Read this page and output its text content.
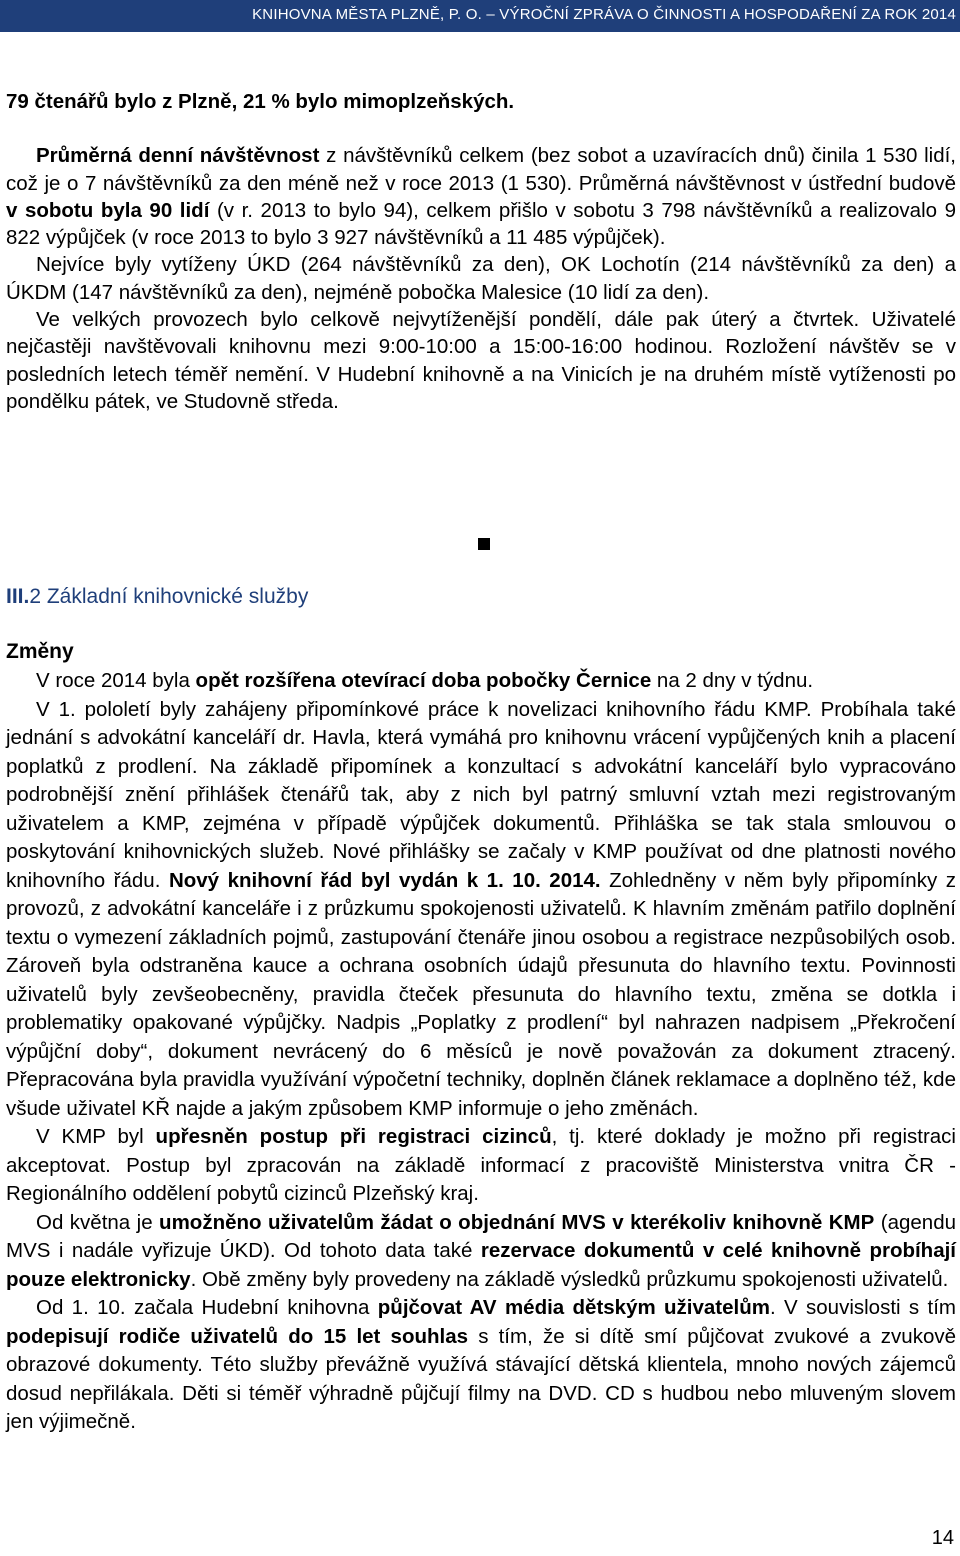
KNIHOVNA MĚSTA PLZNĚ, P. O. – VÝROČNÍ ZPRÁVA O ČINNOSTI A HOSPODAŘENÍ ZA ROK 2014

79 čtenářů bylo z Plzně, 21 % bylo mimoplzeňských.

Průměrná denní návštěvnost z návštěvníků celkem (bez sobot a uzavíracích dnů) činila 1 530 lidí, což je o 7 návštěvníků za den méně než v roce 2013 (1 530). Průměrná návštěvnost v ústřední budově v sobotu byla 90 lidí (v r. 2013 to bylo 94), celkem přišlo v sobotu 3 798 návštěvníků a realizovalo 9 822 výpůjček (v roce 2013 to bylo 3 927 návštěvníků a 11 485 výpůjček).

Nejvíce byly vytíženy ÚKD (264 návštěvníků za den), OK Lochotín (214 návštěvníků za den) a ÚKDM (147 návštěvníků za den), nejméně pobočka Malesice (10 lidí za den).

Ve velkých provozech bylo celkově nejvytíženější pondělí, dále pak úterý a čtvrtek. Uživatelé nejčastěji navštěvovali knihovnu mezi 9:00-10:00 a 15:00-16:00 hodinou. Rozložení návštěv se v posledních letech téměř nemění. V Hudební knihovně a na Vinicích je na druhém místě vytíženosti po pondělku pátek, ve Studovně středa.

III.2 Základní knihovnické služby
Změny

V roce 2014 byla opět rozšířena otevírací doba pobočky Černice na 2 dny v týdnu.

V 1. pololetí byly zahájeny připomínkové práce k novelizaci knihovního řádu KMP. Probíhala také jednání s advokátní kanceláří dr. Havla, která vymáhá pro knihovnu vrácení vypůjčených knih a placení poplatků z prodlení. Na základě připomínek a konzultací s advokátní kanceláří bylo vypracováno podrobnější znění přihlášek čtenářů tak, aby z nich byl patrný smluvní vztah mezi registrovaným uživatelem a KMP, zejména v případě výpůjček dokumentů. Přihláška se tak stala smlouvou o poskytování knihovnických služeb. Nové přihlášky se začaly v KMP používat od dne platnosti nového knihovního řádu. Nový knihovní řád byl vydán k 1. 10. 2014. Zohledněny v něm byly připomínky z provozů, z advokátní kanceláře i z průzkumu spokojenosti uživatelů. K hlavním změnám patřilo doplnění textu o vymezení základních pojmů, zastupování čtenáře jinou osobou a registrace nezpůsobilých osob. Zároveň byla odstraněna kauce a ochrana osobních údajů přesunuta do hlavního textu. Povinnosti uživatelů byly zevšeobecněny, pravidla čteček přesunuta do hlavního textu, změna se dotkla i problematiky opakované výpůjčky. Nadpis „Poplatky z prodlení“ byl nahrazen nadpisem „Překročení výpůjční doby“, dokument nevrácený do 6 měsíců je nově považován za dokument ztracený. Přepracována byla pravidla využívání výpočetní techniky, doplněn článek reklamace a doplněno též, kde všude uživatel KŘ najde a jakým způsobem KMP informuje o jeho změnách.

V KMP byl upřesněn postup při registraci cizinců, tj. které doklady je možno při registraci akceptovat. Postup byl zpracován na základě informací z pracoviště Ministerstva vnitra ČR - Regionálního oddělení pobytů cizinců Plzeňský kraj.

Od května je umožněno uživatelům žádat o objednání MVS v kterékoliv knihovně KMP (agendu MVS i nadále vyřizuje ÚKD). Od tohoto data také rezervace dokumentů v celé knihovně probíhají pouze elektronicky. Obě změny byly provedeny na základě výsledků průzkumu spokojenosti uživatelů.

Od 1. 10. začala Hudební knihovna půjčovat AV média dětským uživatelům. V souvislosti s tím podepisují rodiče uživatelů do 15 let souhlas s tím, že si dítě smí půjčovat zvukové a zvukově obrazové dokumenty. Této služby převážně využívá stávající dětská klientela, mnoho nových zájemců dosud nepřilákala. Děti si téměř výhradně půjčují filmy na DVD. CD s hudbou nebo mluveným slovem jen výjimečně.

14
